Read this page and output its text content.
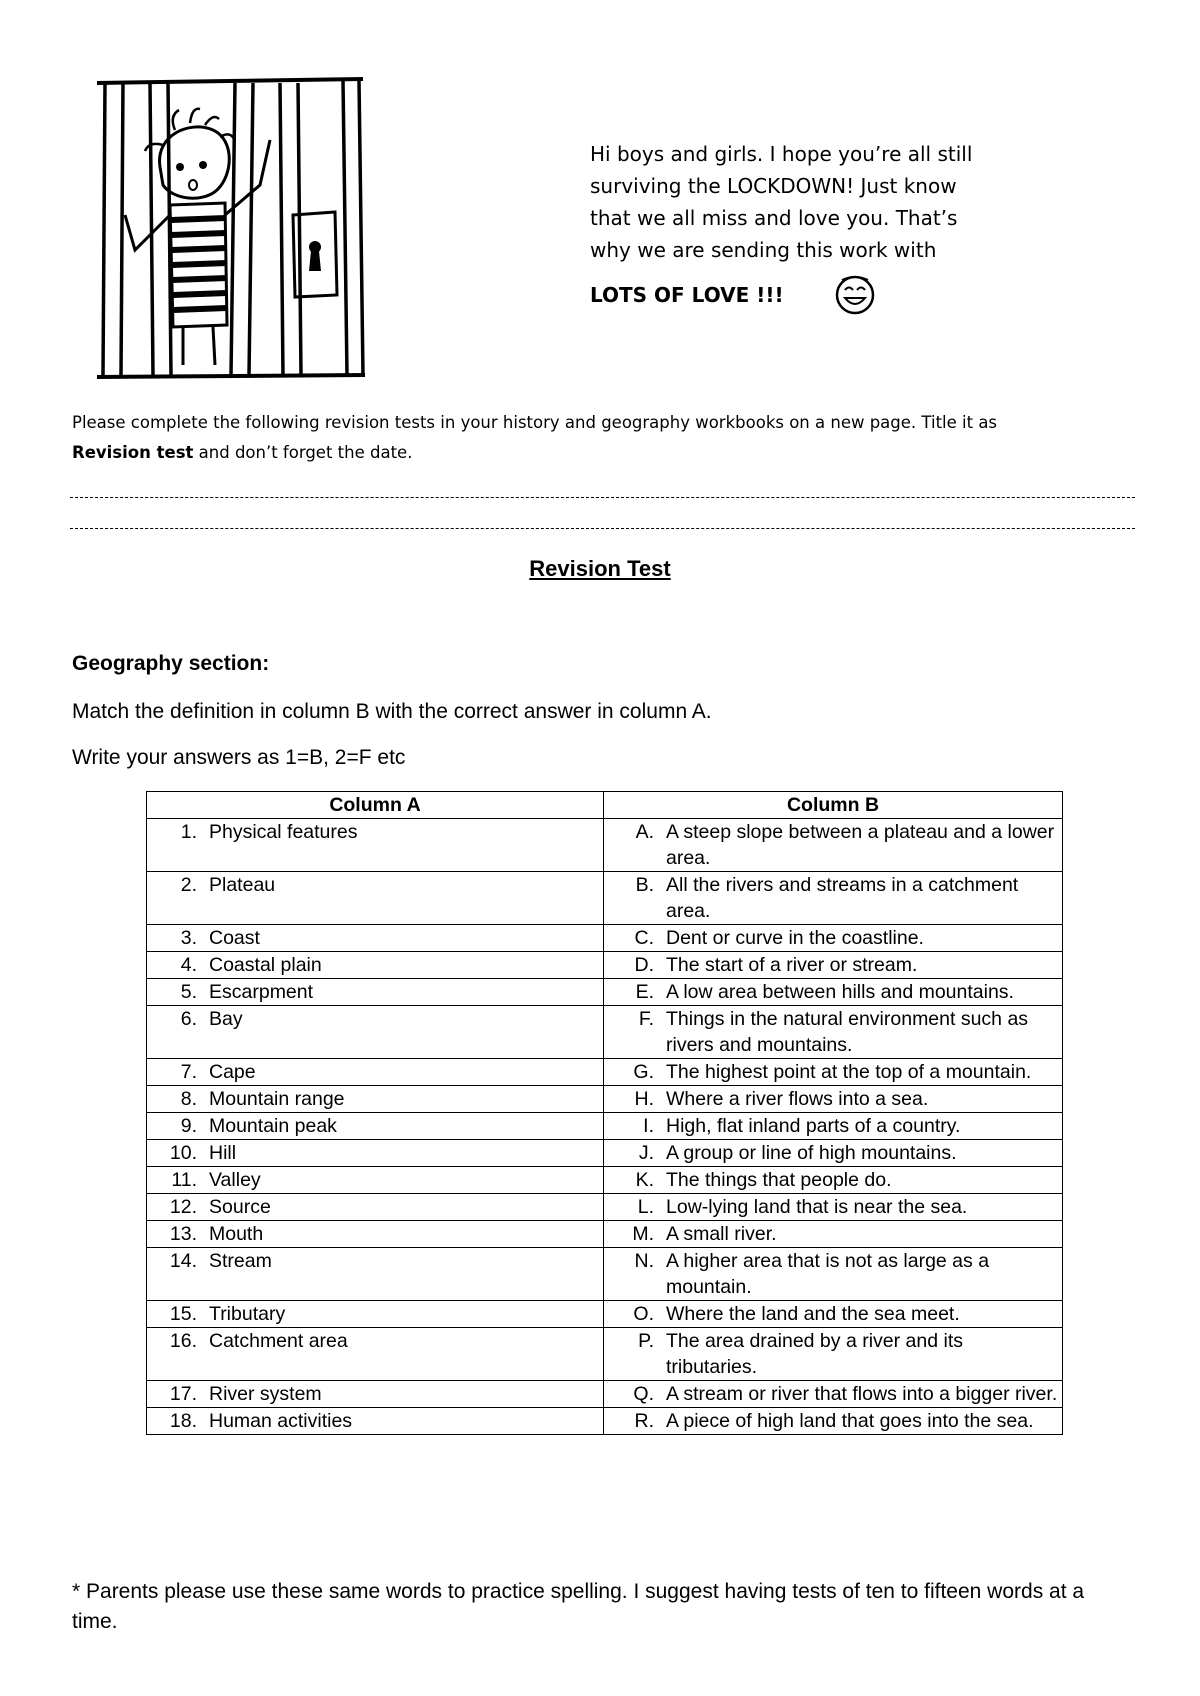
Hi boys and girls. I hope you’re all still
surviving the LOCKDOWN! Just know
that we all miss and love you. That’s
why we are sending this work with
LOTS OF LOVE !!!
Please complete the following revision tests in your history and geography workbooks on a new page. Title it as
Revision test and don’t forget the date.
Revision Test
Geography section:
Match the definition in column B with the correct answer in column A.
Write your answers as 1=B, 2=F etc
Column A	Column B

1. Physical features	A. A steep slope between a plateau and a lower area.

2. Plateau	B. All the rivers and streams in a catchment area.

3. Coast	C. Dent or curve in the coastline.

4. Coastal plain	D. The start of a river or stream.

5. Escarpment	E. A low area between hills and mountains.

6. Bay	F. Things in the natural environment such as rivers and mountains.

7. Cape	G. The highest point at the top of a mountain.

8. Mountain range	H. Where a river flows into a sea.

9. Mountain peak	I. High, flat inland parts of a country.

10. Hill	J. A group or line of high mountains.

11. Valley	K. The things that people do.

12. Source	L. Low-lying land that is near the sea.

13. Mouth	M. A small river.

14. Stream	N. A higher area that is not as large as a mountain.

15. Tributary	O. Where the land and the sea meet.

16. Catchment area	P. The area drained by a river and its tributaries.

17. River system	Q. A stream or river that flows into a bigger river.

18. Human activities	R. A piece of high land that goes into the sea.
* Parents please use these same words to practice spelling. I suggest having tests of ten to fifteen words at a time.
